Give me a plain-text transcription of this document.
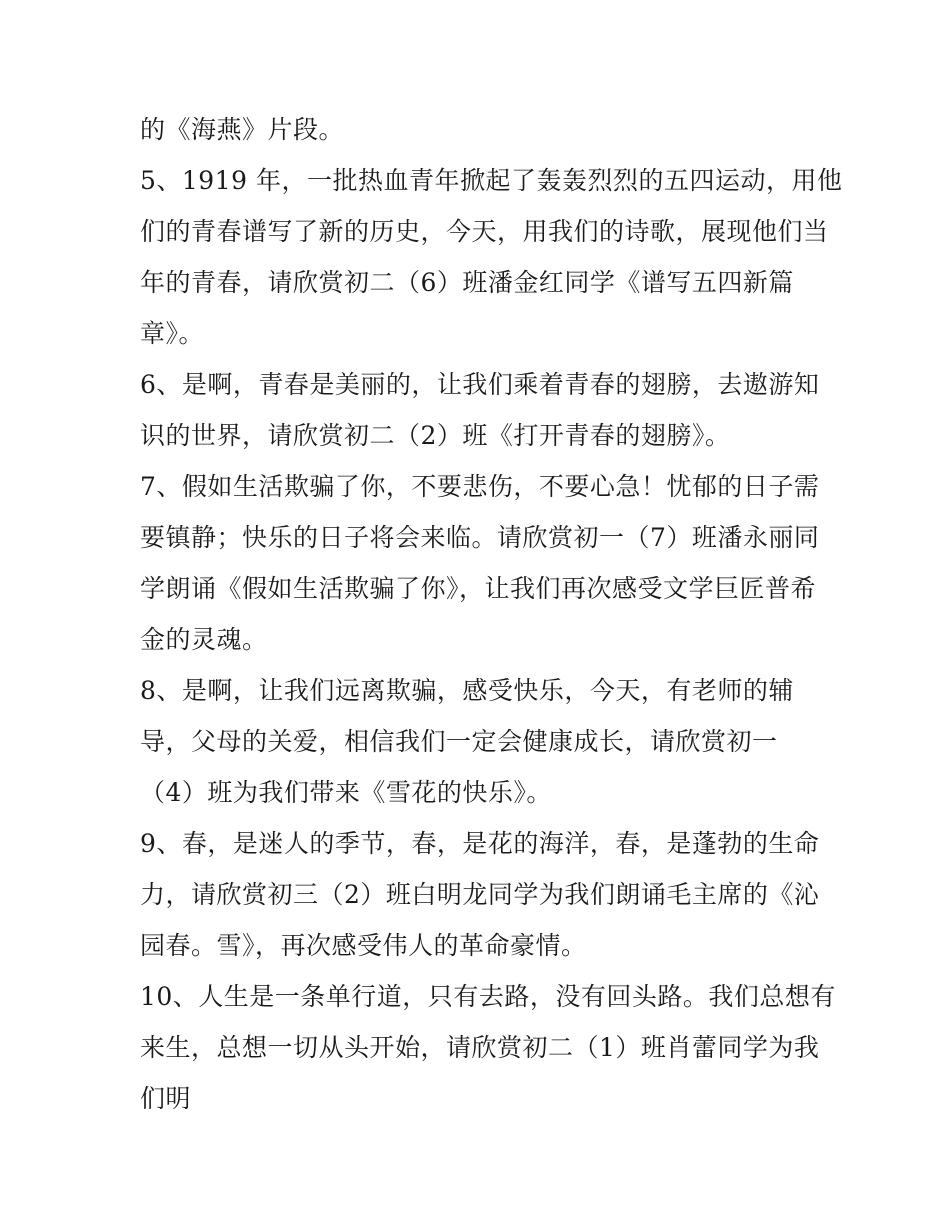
的《海燕》片段。
5、1919 年，一批热血青年掀起了轰轰烈烈的五四运动，用他
们的青春谱写了新的历史，今天，用我们的诗歌，展现他们当
年的青春，请欣赏初二（6）班潘金红同学《谱写五四新篇
章》。
6、是啊，青春是美丽的，让我们乘着青春的翅膀，去遨游知
识的世界，请欣赏初二（2）班《打开青春的翅膀》。
7、假如生活欺骗了你，不要悲伤，不要心急！忧郁的日子需
要镇静；快乐的日子将会来临。请欣赏初一（7）班潘永丽同
学朗诵《假如生活欺骗了你》，让我们再次感受文学巨匠普希
金的灵魂。
8、是啊，让我们远离欺骗，感受快乐，今天，有老师的辅
导，父母的关爱，相信我们一定会健康成长，请欣赏初一
（4）班为我们带来《雪花的快乐》。
9、春，是迷人的季节，春，是花的海洋，春，是蓬勃的生命
力，请欣赏初三（2）班白明龙同学为我们朗诵毛主席的《沁
园春。雪》，再次感受伟人的革命豪情。
10、人生是一条单行道，只有去路，没有回头路。我们总想有
来生，总想一切从头开始，请欣赏初二（1）班肖蕾同学为我
们明
